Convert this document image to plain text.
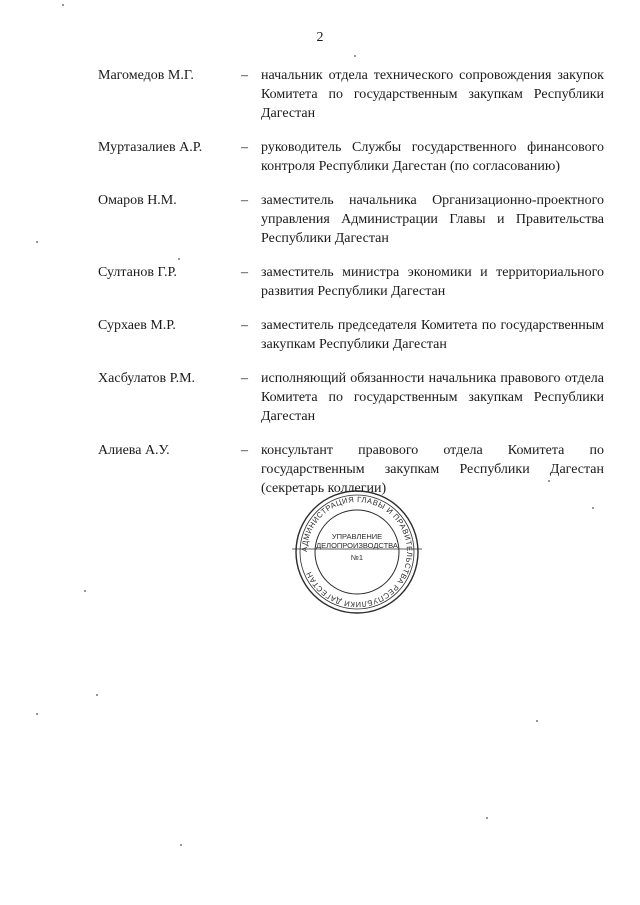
2
Магомедов М.Г.	– начальник отдела технического сопровождения закупок Комитета по государственным закупкам Республики Дагестан
Муртазалиев А.Р.	– руководитель Службы государственного финансового контроля Республики Дагестан (по согласованию)
Омаров Н.М.	– заместитель начальника Организационно-проектного управления Администрации Главы и Правительства Республики Дагестан
Султанов Г.Р.	– заместитель министра экономики и территориального развития Республики Дагестан
Сурхаев М.Р.	– заместитель председателя Комитета по государственным закупкам Республики Дагестан
Хасбулатов Р.М.	– исполняющий обязанности начальника правового отдела Комитета по государственным закупкам Республики Дагестан
Алиева А.У.	– консультант правового отдела Комитета по государственным закупкам Республики Дагестан (секретарь коллегии)
АДМИНИСТРАЦИЯ ГЛАВЫ И ПРАВИТЕЛЬСТВА РЕСПУБЛИКИ ДАГЕСТАН
УПРАВЛЕНИЕ
ДЕЛОПРОИЗВОДСТВА
№1
